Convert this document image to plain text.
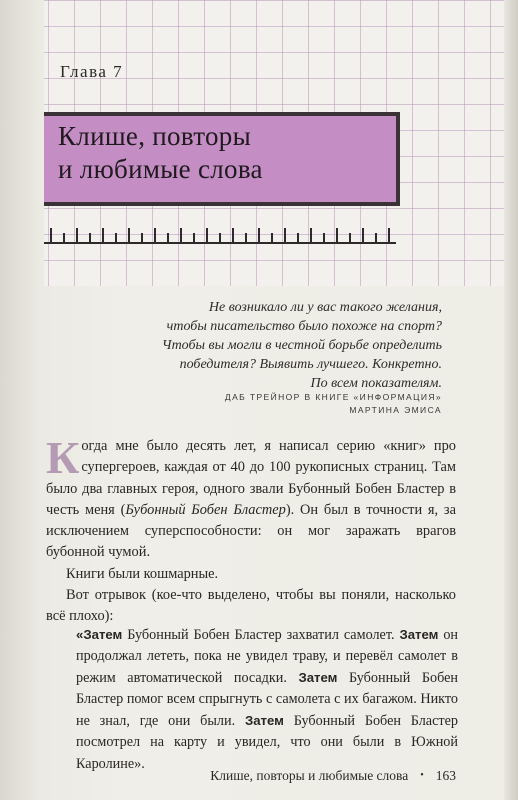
Глава 7
Клише, повторы
и любимые слова
Не возникало ли у вас такого желания,
чтобы писательство было похоже на спорт?
Чтобы вы могли в честной борьбе определить
победителя? Выявить лучшего. Конкретно.
По всем показателям.
ДАБ ТРЕЙНОР В КНИГЕ «ИНФОРМАЦИЯ»
МАРТИНА ЭМИСА

Когда мне было десять лет, я написал серию «книг» про супергероев, каждая от 40 до 100 рукописных страниц. Там было два главных героя, одного звали Бубонный Бобен Бластер в честь меня (Бубонный Бобен Бластер). Он был в точности я, за исключением суперспособности: он мог заражать врагов бубонной чумой.

Книги были кошмарные.

Вот отрывок (кое-что выделено, чтобы вы поняли, насколько всё плохо):

«Затем Бубонный Бобен Бластер захватил самолет. Затем он продолжал лететь, пока не увидел траву, и перевёл самолет в режим автоматической посадки. Затем Бубонный Бобен Бластер помог всем спрыгнуть с самолета с их багажом. Никто не знал, где они были. Затем Бубонный Бобен Бластер посмотрел на карту и увидел, что они были в Южной Каролине».
Клише, повторы и любимые слова • 163
